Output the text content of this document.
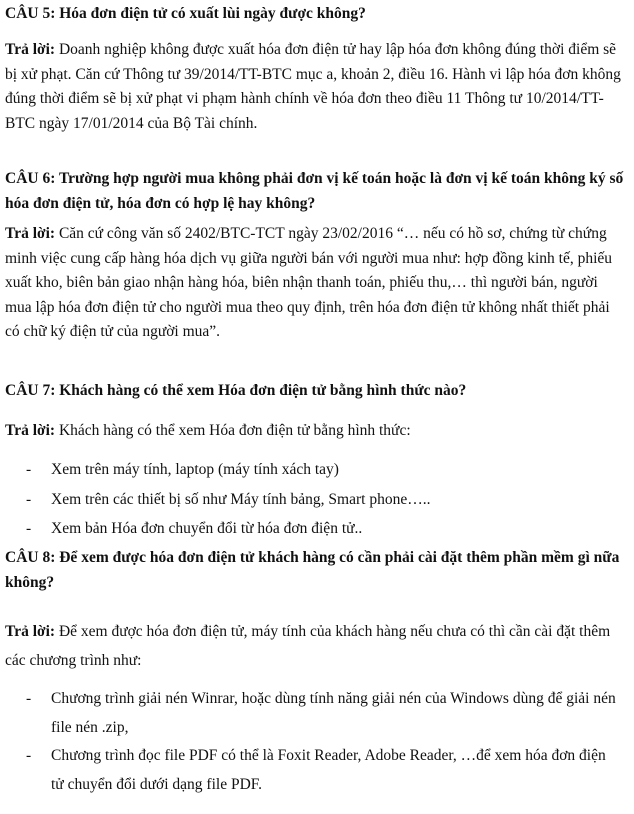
CÂU 5: Hóa đơn điện tử có xuất lùi ngày được không?

Trả lời: Doanh nghiệp không được xuất hóa đơn điện tử hay lập hóa đơn không đúng thời điểm sẽ bị xử phạt. Căn cứ Thông tư 39/2014/TT-BTC mục a, khoản 2, điều 16. Hành vi lập hóa đơn không đúng thời điểm sẽ bị xử phạt vi phạm hành chính về hóa đơn theo điều 11 Thông tư 10/2014/TT-BTC ngày 17/01/2014 của Bộ Tài chính.

CÂU 6: Trường hợp người mua không phải đơn vị kế toán hoặc là đơn vị kế toán không ký số hóa đơn điện tử, hóa đơn có hợp lệ hay không?

Trả lời: Căn cứ công văn số 2402/BTC-TCT ngày 23/02/2016 “… nếu có hồ sơ, chứng từ chứng minh việc cung cấp hàng hóa dịch vụ giữa người bán với người mua như: hợp đồng kinh tế, phiếu xuất kho, biên bản giao nhận hàng hóa, biên nhận thanh toán, phiếu thu,… thì người bán, người mua lập hóa đơn điện tử cho người mua theo quy định, trên hóa đơn điện tử không nhất thiết phải có chữ ký điện tử của người mua”.

CÂU 7: Khách hàng có thể xem Hóa đơn điện tử bằng hình thức nào?

Trả lời: Khách hàng có thể xem Hóa đơn điện tử bằng hình thức:

- Xem trên máy tính, laptop (máy tính xách tay)
- Xem trên các thiết bị số như Máy tính bảng, Smart phone…..
- Xem bản Hóa đơn chuyển đổi từ hóa đơn điện tử..
CÂU 8: Để xem được hóa đơn điện tử khách hàng có cần phải cài đặt thêm phần mềm gì nữa không?

Trả lời: Để xem được hóa đơn điện tử, máy tính của khách hàng nếu chưa có thì cần cài đặt thêm các chương trình như:

- Chương trình giải nén Winrar, hoặc dùng tính năng giải nén của Windows dùng để giải nén file nén .zip,
- Chương trình đọc file PDF có thể là Foxit Reader, Adobe Reader, …để xem hóa đơn điện tử chuyển đổi dưới dạng file PDF.
